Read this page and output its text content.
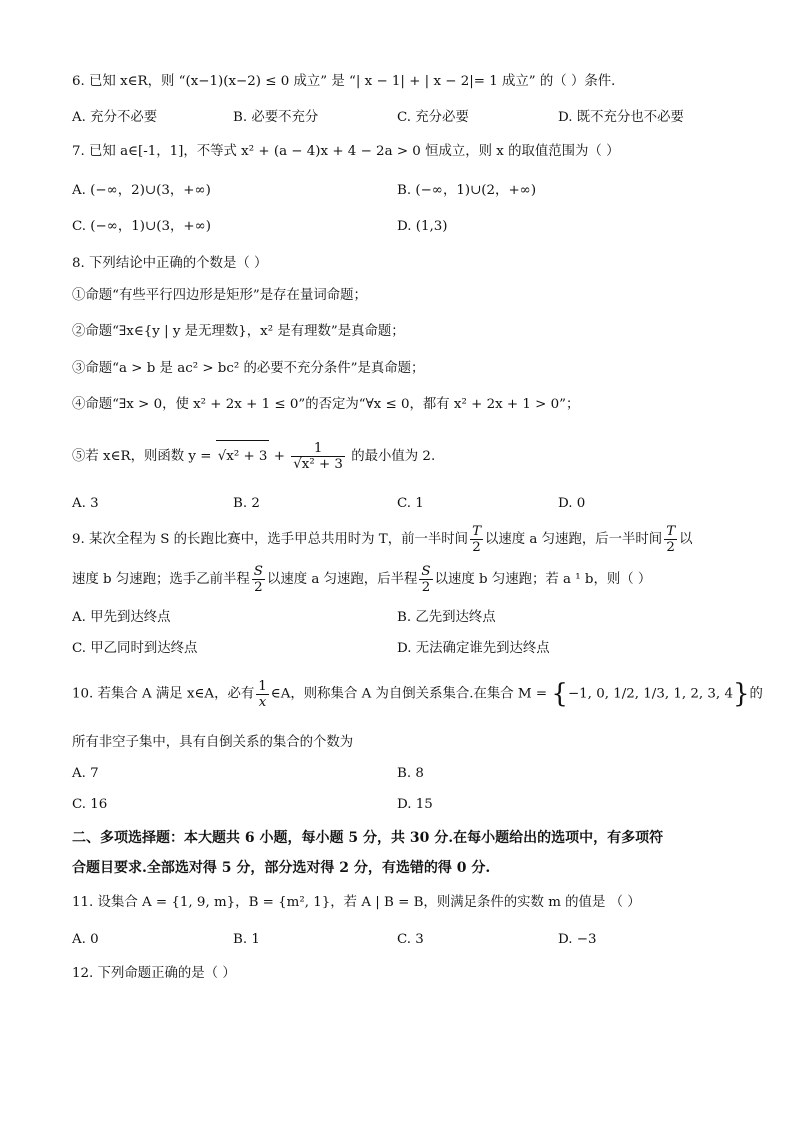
6. 已知 x∈R，则 “(x−1)(x−2) ≤ 0 成立” 是 “| x − 1| + | x − 2|= 1 成立” 的（ ）条件．
A. 充分不必要	B. 必要不充分	C. 充分必要	D. 既不充分也不必要
7. 已知 a∈[-1，1]，不等式 x² + (a − 4)x + 4 − 2a > 0 恒成立，则 x 的取值范围为（ ）
A. (−∞，2)∪(3，+∞)	B. (−∞，1)∪(2，+∞)
C. (−∞，1)∪(3，+∞)	D. (1,3)
8. 下列结论中正确的个数是（ ）
①命题“有些平行四边形是矩形”是存在量词命题；
②命题“∃x∈{y | y 是无理数}，x² 是有理数”是真命题；
③命题“a > b 是 ac² > bc² 的必要不充分条件”是真命题；
④命题“∃x > 0，使 x² + 2x + 1 ≤ 0”的否定为“∀x ≤ 0，都有 x² + 2x + 1 > 0”；
⑤若 x∈R，则函数 $y = √x^2 + 3 + \frac{1}{\text{√x² + 3}}$ 的最小值为 2.
A. 3	B. 2	C. 1	D. 0
9. 某次全程为 S 的长跑比赛中，选手甲总共用时为 T，前一半时间 $\frac{T}{2}$ 以速度 a 匀速跑，后一半时间 $\frac{T}{2}$ 以
速度 b 匀速跑；选手乙前半程 $\frac{S}{2}$ 以速度 a 匀速跑，后半程 $\frac{S}{2}$ 以速度 b 匀速跑；若 a ¹ b，则（ ）
A. 甲先到达终点	B. 乙先到达终点
C. 甲乙同时到达终点	D. 无法确定谁先到达终点
10. 若集合 A 满足 x∈A，必有 $\frac{1}{x}$ ∈A，则称集合 A 为自倒关系集合.在集合 M = {−1, 0, 1/2, 1/3, 1, 2, 3, 4}的
所有非空子集中，具有自倒关系的集合的个数为
A. 7	B. 8
C. 16	D. 15
二、多项选择题：本大题共 6 小题，每小题 5 分，共 30 分.在每小题给出的选项中，有多项符
合题目要求.全部选对得 5 分，部分选对得 2 分，有选错的得 0 分.
11. 设集合 A = {1, 9, m}，B = {m², 1}，若 A | B = B，则满足条件的实数 m 的值是 （ ）
A. 0	B. 1	C. 3	D. −3
12. 下列命题正确的是（ ）
